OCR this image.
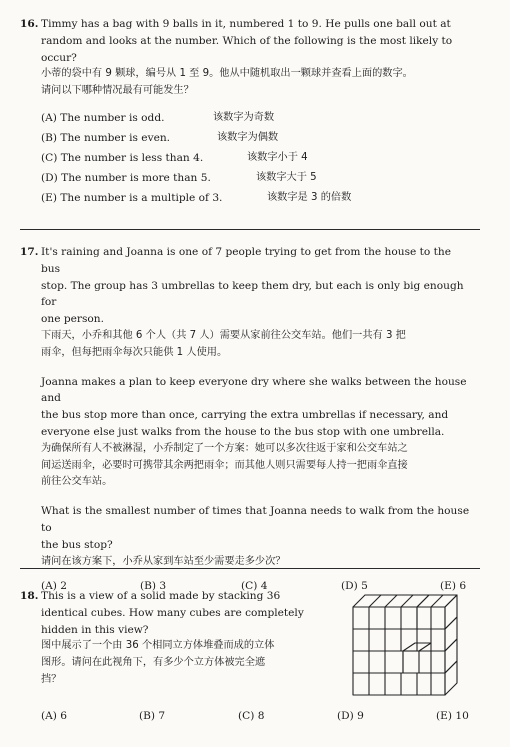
16. Timmy has a bag with 9 balls in it, numbered 1 to 9. He pulls one ball out at
random and looks at the number. Which of the following is the most likely to occur?

小蒂的袋中有 9 颗球，编号从 1 至 9。他从中随机取出一颗球并查看上面的数字。
请问以下哪种情况最有可能发生？

(A) The number is odd.	该数字为奇数
(B) The number is even.	该数字为偶数
(C) The number is less than 4.	该数字小于 4
(D) The number is more than 5.	该数字大于 5
(E) The number is a multiple of 3.	该数字是 3 的倍数
17. It's raining and Joanna is one of 7 people trying to get from the house to the bus
stop. The group has 3 umbrellas to keep them dry, but each is only big enough for
one person.

下雨天，小乔和其他 6 个人（共 7 人）需要从家前往公交车站。他们一共有 3 把
雨伞，但每把雨伞每次只能供 1 人使用。

Joanna makes a plan to keep everyone dry where she walks between the house and
the bus stop more than once, carrying the extra umbrellas if necessary, and
everyone else just walks from the house to the bus stop with one umbrella.

为确保所有人不被淋湿，小乔制定了一个方案：她可以多次往返于家和公交车站之
间运送雨伞，必要时可携带其余两把雨伞；而其他人则只需要每人持一把雨伞直接
前往公交车站。

What is the smallest number of times that Joanna needs to walk from the house to
the bus stop?

请问在该方案下，小乔从家到车站至少需要走多少次？

(A) 2	(B) 3	(C) 4	(D) 5	(E) 6
18. This is a view of a solid made by stacking 36
identical cubes. How many cubes are completely
hidden in this view?

图中展示了一个由 36 个相同立方体堆叠而成的立体
图形。请问在此视角下，有多少个立方体被完全遮
挡？

(A) 6	(B) 7	(C) 8	(D) 9	(E) 10
